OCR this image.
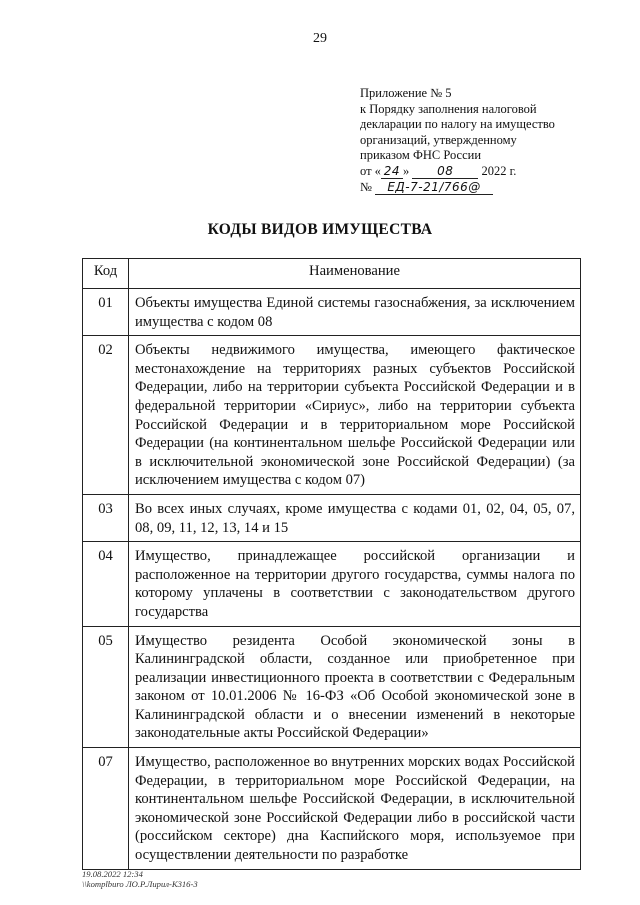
29
Приложение № 5
к Порядку заполнения налоговой
декларации по налогу на имущество
организаций, утвержденному
приказом ФНС России
от « 24 » 08 2022 г.
№ ЕД-7-21/766@
КОДЫ ВИДОВ ИМУЩЕСТВА
Код	Наименование
01	Объекты имущества Единой системы газоснабжения, за исключением имущества с кодом 08
02	Объекты недвижимого имущества, имеющего фактическое местонахождение на территориях разных субъектов Российской Федерации, либо на территории субъекта Российской Федерации и в федеральной территории «Сириус», либо на территории субъекта Российской Федерации и в территориальном море Российской Федерации (на континентальном шельфе Российской Федерации или в исключительной экономической зоне Российской Федерации) (за исключением имущества с кодом 07)
03	Во всех иных случаях, кроме имущества с кодами 01, 02, 04, 05, 07, 08, 09, 11, 12, 13, 14 и 15
04	Имущество, принадлежащее российской организации и расположенное на территории другого государства, суммы налога по которому уплачены в соответствии с законодательством другого государства
05	Имущество резидента Особой экономической зоны в Калининградской области, созданное или приобретенное при реализации инвестиционного проекта в соответствии с Федеральным законом от 10.01.2006 № 16-ФЗ «Об Особой экономической зоне в Калининградской области и о внесении изменений в некоторые законодательные акты Российской Федерации»
07	Имущество, расположенное во внутренних морских водах Российской Федерации, в территориальном море Российской Федерации, на континентальном шельфе Российской Федерации, в исключительной экономической зоне Российской Федерации либо в российской части (российском секторе) дна Каспийского моря, используемое при осуществлении деятельности по разработке
19.08.2022 12:34
\\komplburo ЛО.Р.Лирил-К316-3
